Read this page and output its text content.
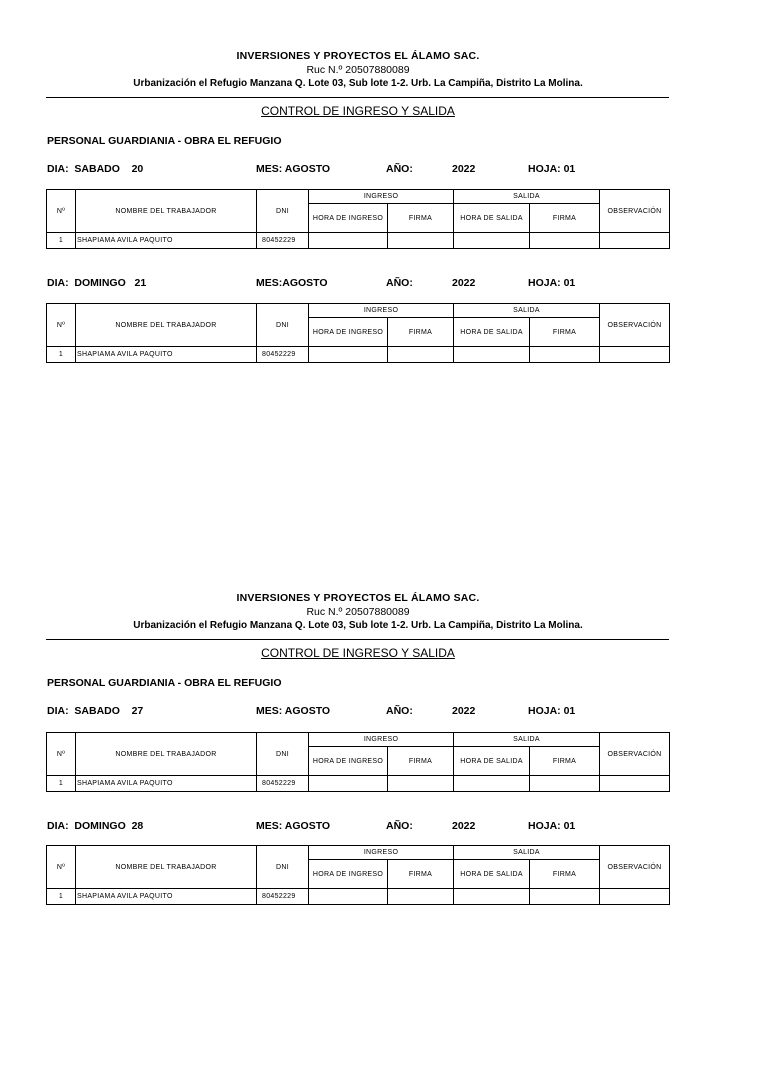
INVERSIONES Y PROYECTOS EL ÁLAMO SAC.
Ruc N.º 20507880089
Urbanización el Refugio Manzana Q. Lote 03, Sub lote 1-2. Urb. La Campiña, Distrito La Molina.
CONTROL DE INGRESO Y SALIDA
PERSONAL GUARDIANIA - OBRA EL REFUGIO
DIA:  SABADO    20	MES: AGOSTO	AÑO:	2022	HOJA: 01
Nº	NOMBRE DEL TRABAJADOR	DNI	INGRESO		SALIDA		OBSERVACIÓN
			HORA DE INGRESO	FIRMA	HORA DE SALIDA	FIRMA	
1	SHAPIAMA AVILA PAQUITO	80452229					
DIA:  DOMINGO   21	MES:AGOSTO	AÑO:	2022	HOJA: 01
Nº	NOMBRE DEL TRABAJADOR	DNI	INGRESO		SALIDA		OBSERVACIÓN
			HORA DE INGRESO	FIRMA	HORA DE SALIDA	FIRMA	
1	SHAPIAMA AVILA PAQUITO	80452229					
INVERSIONES Y PROYECTOS EL ÁLAMO SAC.
Ruc N.º 20507880089
Urbanización el Refugio Manzana Q. Lote 03, Sub lote 1-2. Urb. La Campiña, Distrito La Molina.
CONTROL DE INGRESO Y SALIDA
PERSONAL GUARDIANIA - OBRA EL REFUGIO
DIA:  SABADO    27	MES: AGOSTO	AÑO:	2022	HOJA: 01
Nº	NOMBRE DEL TRABAJADOR	DNI	INGRESO		SALIDA		OBSERVACIÓN
			HORA DE INGRESO	FIRMA	HORA DE SALIDA	FIRMA	
1	SHAPIAMA AVILA PAQUITO	80452229					
DIA:  DOMINGO  28	MES: AGOSTO	AÑO:	2022	HOJA: 01
Nº	NOMBRE DEL TRABAJADOR	DNI	INGRESO		SALIDA		OBSERVACIÓN
			HORA DE INGRESO	FIRMA	HORA DE SALIDA	FIRMA	
1	SHAPIAMA AVILA PAQUITO	80452229					
